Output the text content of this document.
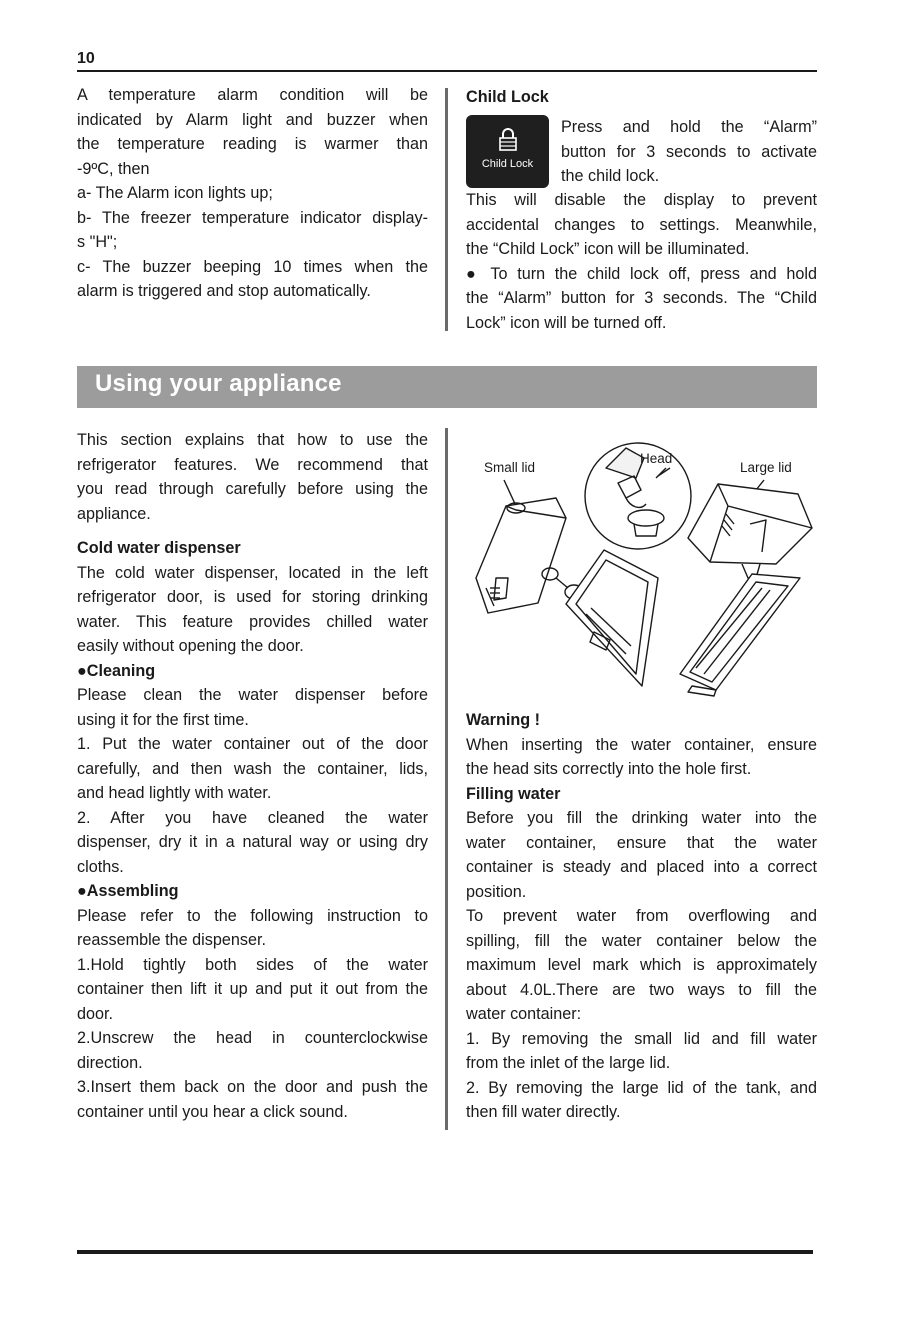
10

A temperature alarm condition will be

indicated by Alarm light and buzzer when

the temperature reading is warmer than

-9ºC, then

a- The Alarm icon lights up;

b- The freezer temperature indicator display-

s "H";

c- The buzzer beeping 10 times when the

alarm is triggered and stop automatically.

Child Lock
Child Lock

Press and hold the “Alarm”

button for 3 seconds to activate

the child lock.

This will disable the display to prevent

accidental changes to settings. Meanwhile,

the “Child Lock” icon will be illuminated.

● To turn the child lock off, press and hold

the “Alarm” button for 3 seconds. The “Child

Lock” icon will be turned off.

Using your appliance

This section explains that how to use the

refrigerator features. We recommend that

you read through carefully before using the

appliance.

Cold water dispenser

The cold water dispenser, located in the left

refrigerator door, is used for storing drinking

water. This feature provides chilled water

easily without opening the door.

●Cleaning

Please clean the water dispenser before

using it for the first time.

1. Put the water container out of the door

carefully, and then wash the container, lids,

and head lightly with water.

2. After you have cleaned the water

dispenser, dry it in a natural way or using dry

cloths.

●Assembling

Please refer to the following instruction to

reassemble the dispenser.

1.Hold tightly both sides of the water

container then lift it up and put it out from the

door.

2.Unscrew the head in counterclockwise

direction.

3.Insert them back on the door and push the

container until you hear a click sound.

Small lid
Head
Large lid

Warning !

When inserting the water container, ensure

the head sits correctly into the hole first.

Filling water

Before you fill the drinking water into the

water container, ensure that the water

container is steady and placed into a correct

position.

To prevent water from overflowing and

spilling, fill the water container below the

maximum level mark which is approximately

about 4.0L.There are two ways to fill the

water container:

1. By removing the small lid and fill water

from the inlet of the large lid.

2. By removing the large lid of the tank, and

then fill water directly.
